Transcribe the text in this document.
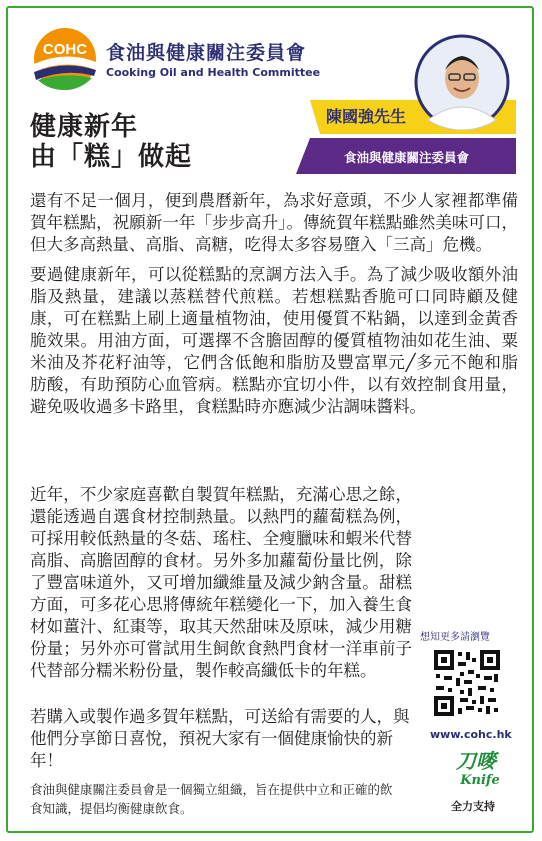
COHC 食油與健康關注委員會
Cooking Oil and Health Committee
健康新年
由「糕」做起
陳國強先生
食油與健康關注委員會

還有不足一個月，便到農曆新年，為求好意頭，不少人家裡都準備賀年糕點，祝願新一年「步步高升」。傳統賀年糕點雖然美味可口，但大多高熱量、高脂、高糖，吃得太多容易墮入「三高」危機。

要過健康新年，可以從糕點的烹調方法入手。為了減少吸收額外油脂及熱量，建議以蒸糕替代煎糕。若想糕點香脆可口同時顧及健康，可在糕點上刷上適量植物油，使用優質不粘鍋，以達到金黃香脆效果。用油方面，可選擇不含膽固醇的優質植物油如花生油、粟米油及芥花籽油等，它們含低飽和脂肪及豐富單元╱多元不飽和脂肪酸，有助預防心血管病。糕點亦宜切小件，以有效控制食用量，避免吸收過多卡路里，食糕點時亦應減少沾調味醬料。

近年，不少家庭喜歡自製賀年糕點，充滿心思之餘，還能透過自選食材控制熱量。以熱門的蘿蔔糕為例，可採用較低熱量的冬菇、瑤柱、全瘦臘味和蝦米代替高脂、高膽固醇的食材。另外多加蘿蔔份量比例，除了豐富味道外，又可增加纖維量及減少鈉含量。甜糕方面，可多花心思將傳統年糕變化一下，加入養生食材如薑汁、紅棗等，取其天然甜味及原味，減少用糖份量；另外亦可嘗試用生飼飲食熱門食材一洋車前子代替部分糯米粉份量，製作較高纖低卡的年糕。

若購入或製作過多賀年糕點，可送給有需要的人，與他們分享節日喜悅，預祝大家有一個健康愉快的新年！

食油與健康關注委員會是一個獨立組織，旨在提供中立和正確的飲食知識，提倡均衡健康飲食。

想知更多請瀏覽
www.cohc.hk
刀嘜
Knife
全力支持
